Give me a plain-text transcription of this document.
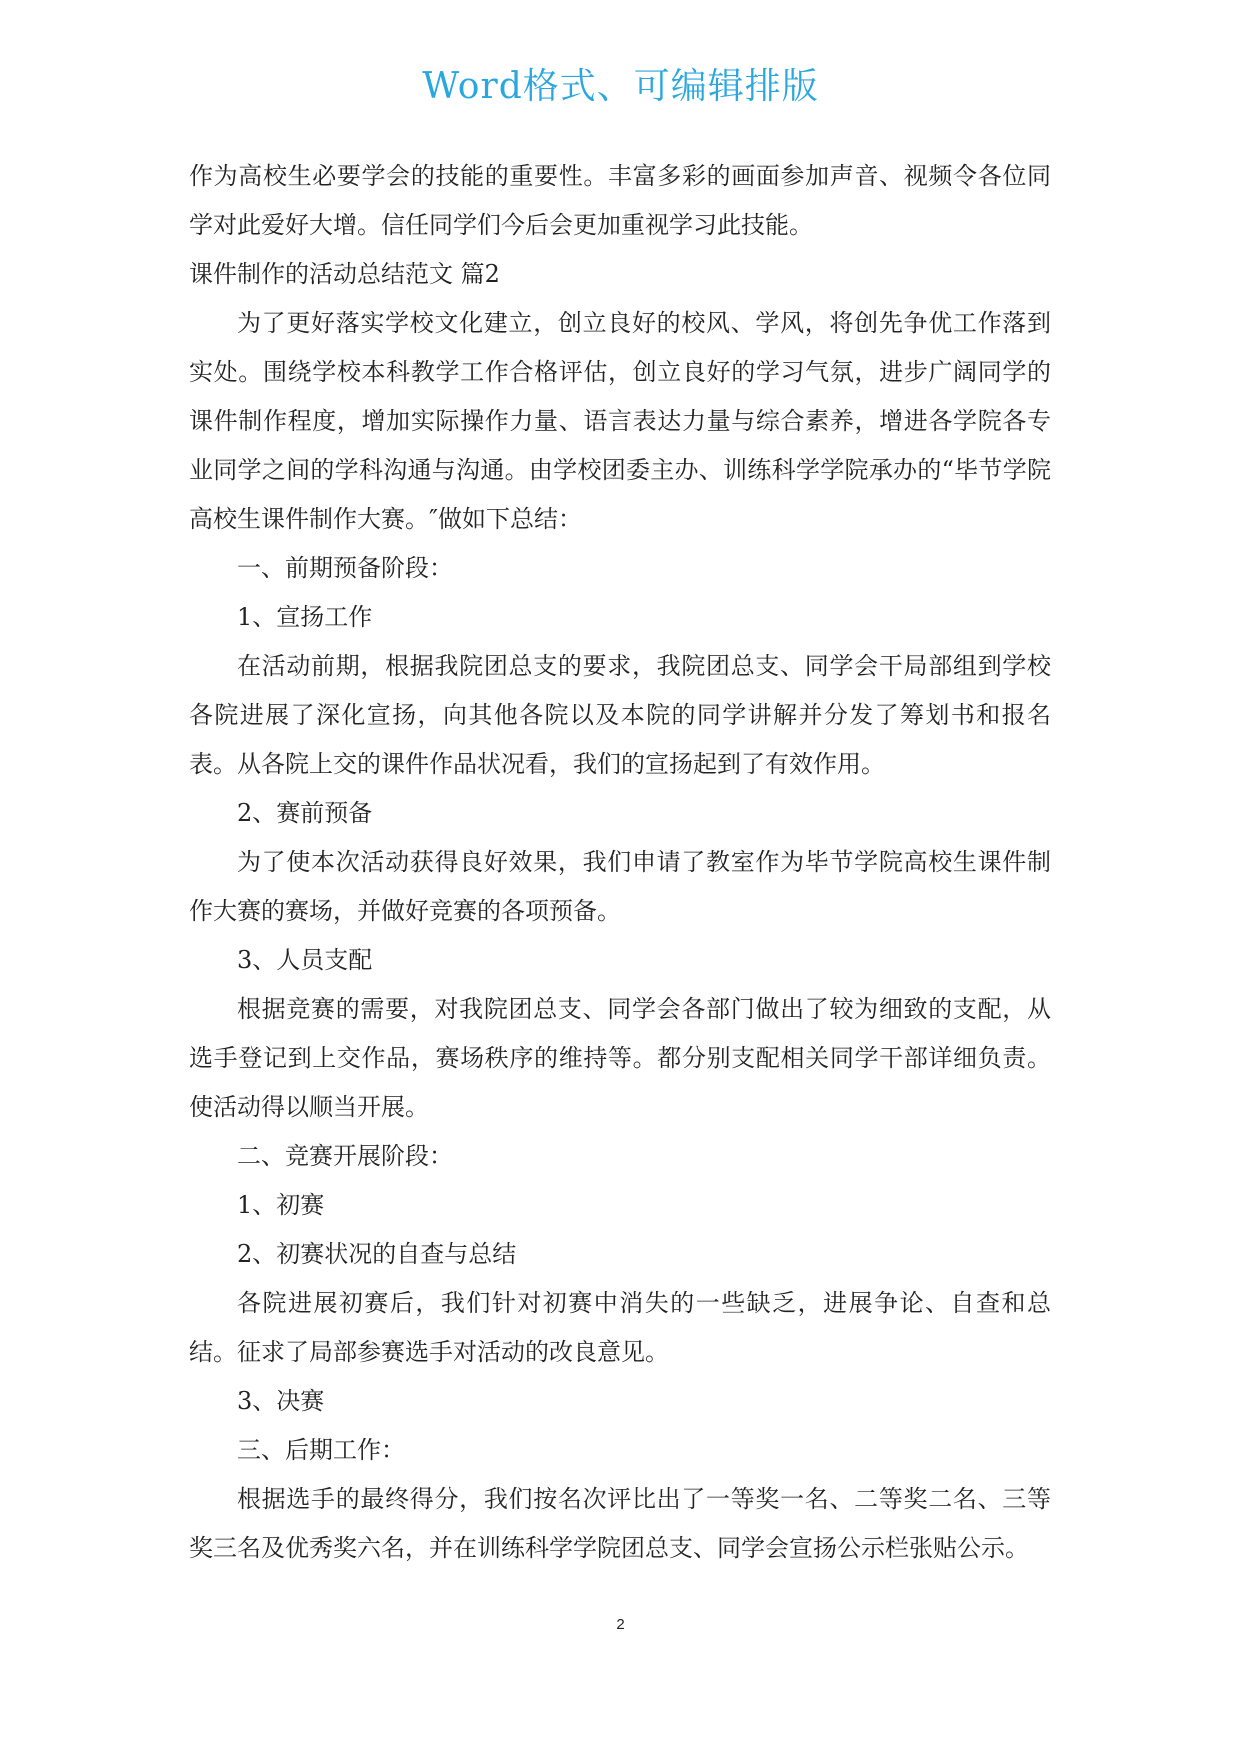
Word格式、可编辑排版

作为高校生必要学会的技能的重要性。丰富多彩的画面参加声音、视频令各位同学对此爱好大增。信任同学们今后会更加重视学习此技能。

课件制作的活动总结范文 篇2

为了更好落实学校文化建立，创立良好的校风、学风，将创先争优工作落到实处。围绕学校本科教学工作合格评估，创立良好的学习气氛，进步广阔同学的课件制作程度，增加实际操作力量、语言表达力量与综合素养，增进各学院各专业同学之间的学科沟通与沟通。由学校团委主办、训练科学学院承办的“毕节学院高校生课件制作大赛。″做如下总结：

一、前期预备阶段：

1、宣扬工作

在活动前期，根据我院团总支的要求，我院团总支、同学会干局部组到学校各院进展了深化宣扬，向其他各院以及本院的同学讲解并分发了筹划书和报名表。从各院上交的课件作品状况看，我们的宣扬起到了有效作用。

2、赛前预备

为了使本次活动获得良好效果，我们申请了教室作为毕节学院高校生课件制作大赛的赛场，并做好竞赛的各项预备。

3、人员支配

根据竞赛的需要，对我院团总支、同学会各部门做出了较为细致的支配，从选手登记到上交作品，赛场秩序的维持等。都分别支配相关同学干部详细负责。使活动得以顺当开展。

二、竞赛开展阶段：

1、初赛

2、初赛状况的自查与总结

各院进展初赛后，我们针对初赛中消失的一些缺乏，进展争论、自查和总结。征求了局部参赛选手对活动的改良意见。

3、决赛

三、后期工作：

根据选手的最终得分，我们按名次评比出了一等奖一名、二等奖二名、三等奖三名及优秀奖六名，并在训练科学学院团总支、同学会宣扬公示栏张贴公示。

2
